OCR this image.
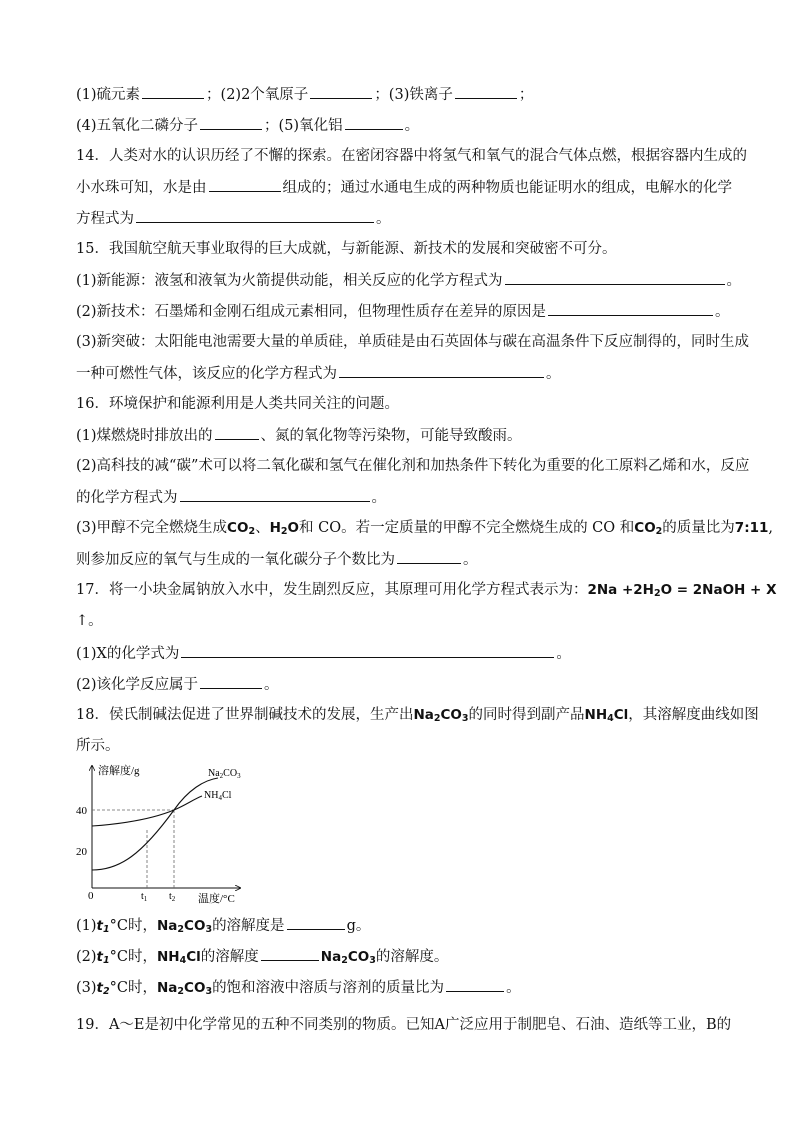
(1)硫元素	；(2)2个氧原子	；(3)铁离子	；
(4)五氧化二磷分子	；(5)氧化铝	。
14．人类对水的认识历经了不懈的探索。在密闭容器中将氢气和氧气的混合气体点燃，根据容器内生成的
小水珠可知，水是由	组成的；通过水通电生成的两种物质也能证明水的组成，电解水的化学
方程式为	。
15．我国航空航天事业取得的巨大成就，与新能源、新技术的发展和突破密不可分。
(1)新能源：液氢和液氧为火箭提供动能，相关反应的化学方程式为	。
(2)新技术：石墨烯和金刚石组成元素相同，但物理性质存在差异的原因是	。
(3)新突破：太阳能电池需要大量的单质硅，单质硅是由石英固体与碳在高温条件下反应制得的，同时生成
一种可燃性气体，该反应的化学方程式为	。
16．环境保护和能源利用是人类共同关注的问题。
(1)煤燃烧时排放出的	、氮的氧化物等污染物，可能导致酸雨。
(2)高科技的减“碳”术可以将二氧化碳和氢气在催化剂和加热条件下转化为重要的化工原料乙烯和水，反应
的化学方程式为	。
(3)甲醇不完全燃烧生成$CO_2$、$H_2O$和 CO。若一定质量的甲醇不完全燃烧生成的 CO 和$CO_2$的质量比为7:11,
则参加反应的氧气与生成的一氧化碳分子个数比为	。
17．将一小块金属钠放入水中，发生剧烈反应，其原理可用化学方程式表示为：$2Na +2H_2O$ = 2NaOH + X
↑。
(1)X的化学式为	。
(2)该化学反应属于	。
18．侯氏制碱法促进了世界制碱技术的发展，生产出$Na_2CO_3$的同时得到副产品$NH_4Cl$，其溶解度曲线如图
所示。
溶解度/g
温度/°C
40
20
0	$t_1$ $t_2$
$Na_2CO_3$
$NH_4Cl$
$(1)t_1^\circ C$时，$Na_2CO_3$的溶解度是	g。
$(2)t_1^\circ C$时，$NH_4Cl$的溶解度	$Na_2CO_3$的溶解度。
$(3)t_2^\circ C$时，$Na_2CO_3$的饱和溶液中溶质与溶剂的质量比为	。
19．A～E是初中化学常见的五种不同类别的物质。已知A广泛应用于制肥皂、石油、造纸等工业，B的
